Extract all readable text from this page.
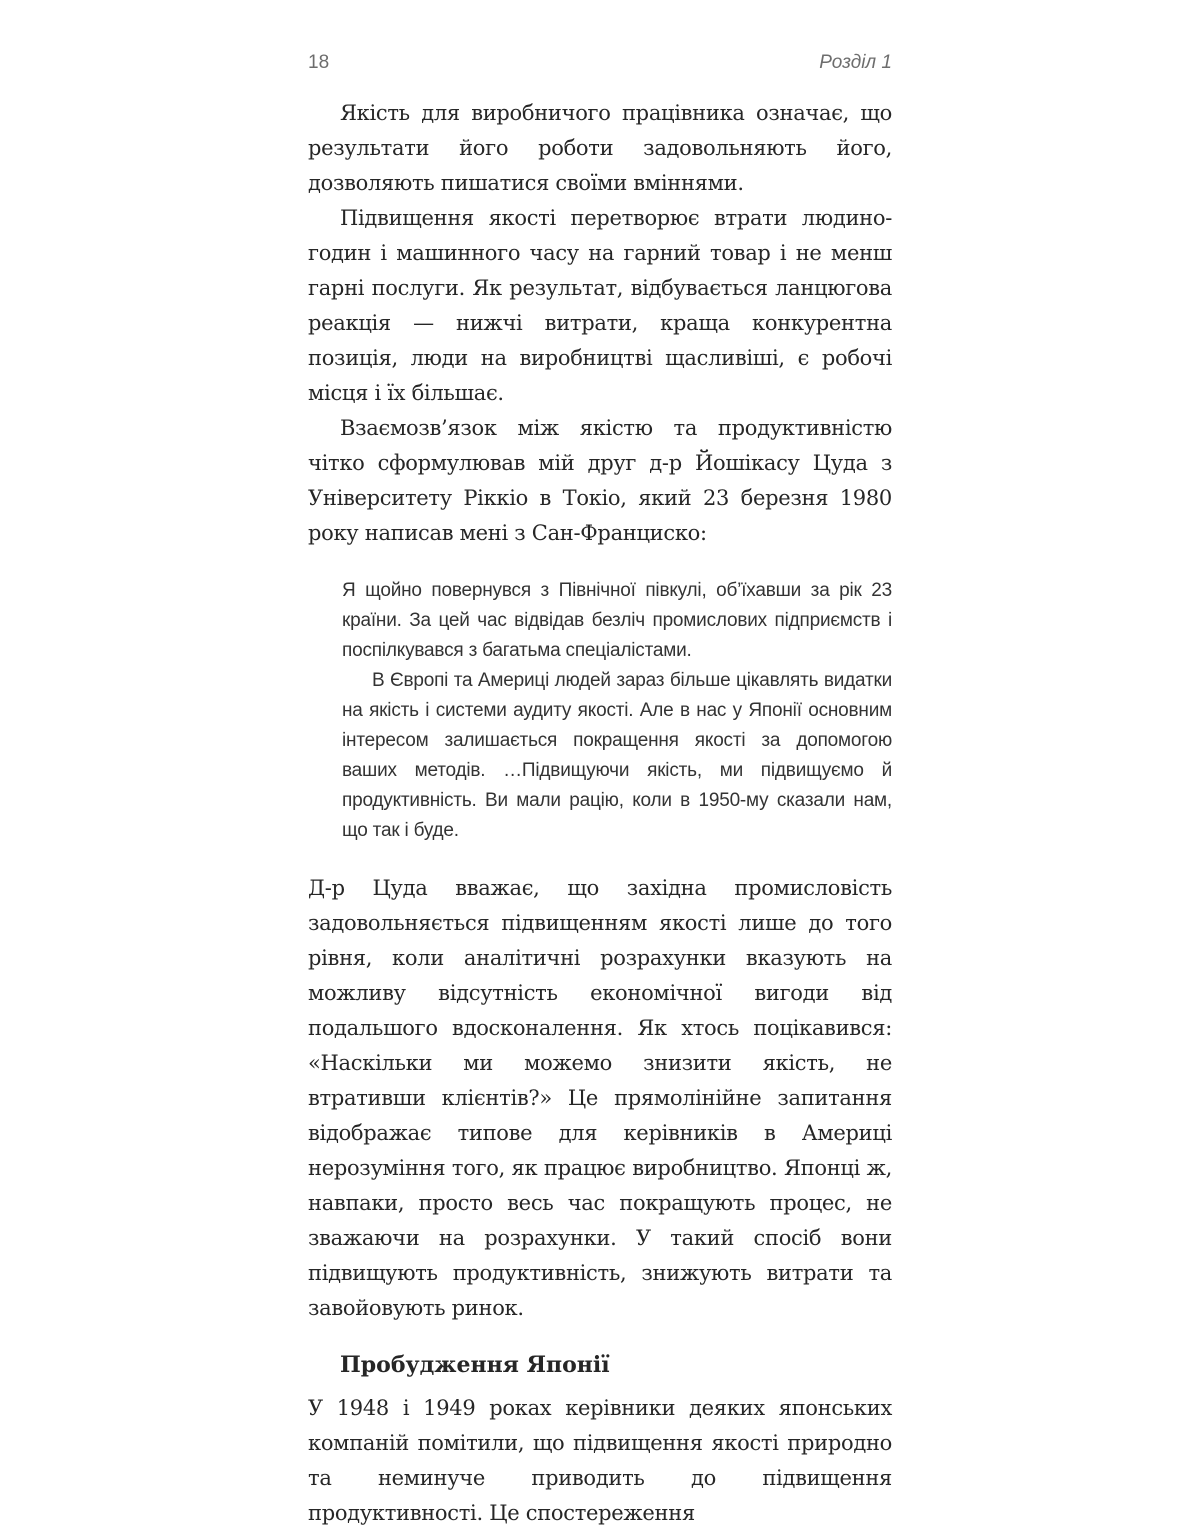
18	Розділ 1

Якість для виробничого працівника означає, що результати його роботи задовольняють його, дозволяють пишатися своїми вміннями.

Підвищення якості перетворює втрати людино-годин і машинного часу на гарний товар і не менш гарні послуги. Як результат, відбувається ланцюгова реакція — нижчі витрати, краща конкурентна позиція, люди на виробництві щасливіші, є робочі місця і їх більшає.

Взаємозв’язок між якістю та продуктивністю чітко сформулював мій друг д-р Йошікасу Цуда з Університету Ріккіо в Токіо, який 23 березня 1980 року написав мені з Сан-Франциско:

Я щойно повернувся з Північної півкулі, об’їхавши за рік 23 країни. За цей час відвідав безліч промислових підприємств і поспілкувався з багатьма спеціалістами.

В Європі та Америці людей зараз більше цікавлять видатки на якість і системи аудиту якості. Але в нас у Японії основним інтересом залишається покращення якості за допомогою ваших методів. …Підвищуючи якість, ми підвищуємо й продуктивність. Ви мали рацію, коли в 1950-му сказали нам, що так і буде.

Д-р Цуда вважає, що західна промисловість задовольняється підвищенням якості лише до того рівня, коли аналітичні розрахунки вказують на можливу відсутність економічної вигоди від подальшого вдосконалення. Як хтось поцікавився: «Наскільки ми можемо знизити якість, не втративши клієнтів?» Це прямолінійне запитання відображає типове для керівників в Америці нерозуміння того, як працює виробництво. Японці ж, навпаки, просто весь час покращують процес, не зважаючи на розрахунки. У такий спосіб вони підвищують продуктивність, знижують витрати та завойовують ринок.

Пробудження Японії

У 1948 і 1949 роках керівники деяких японських компаній помітили, що підвищення якості природно та неминуче приводить до підвищення продуктивності. Це спостереження
